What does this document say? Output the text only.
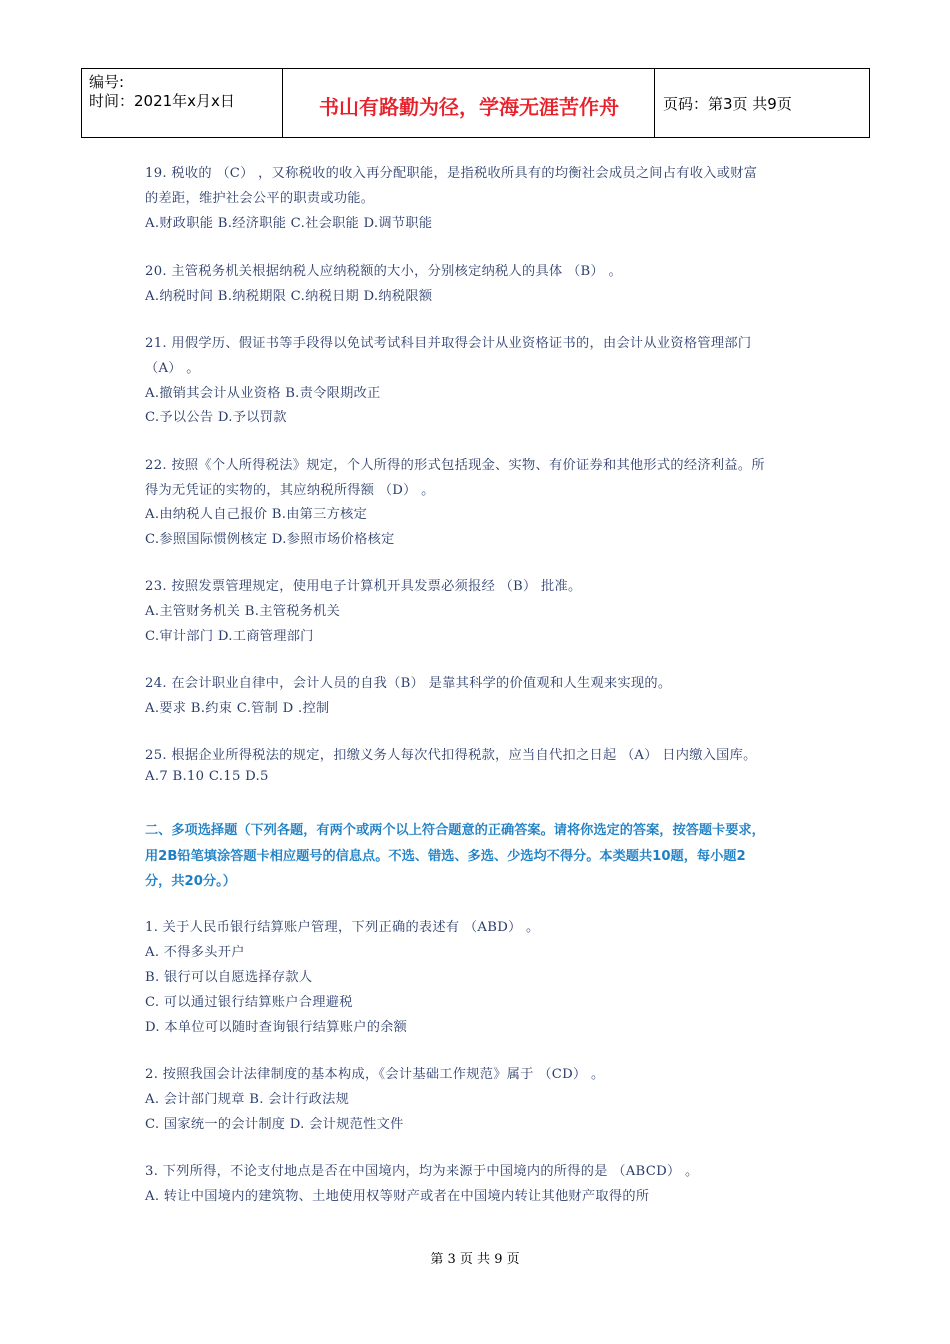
编号:
时间：2021年x月x日	书山有路勤为径，学海无涯苦作舟	页码：第3页 共9页
19. 税收的 （C） ，又称税收的收入再分配职能，是指税收所具有的均衡社会成员之间占有收入或财富
的差距，维护社会公平的职责或功能。
A.财政职能 B.经济职能 C.社会职能 D.调节职能
20. 主管税务机关根据纳税人应纳税额的大小，分别核定纳税人的具体 （B） 。
A.纳税时间 B.纳税期限 C.纳税日期 D.纳税限额
21. 用假学历、假证书等手段得以免试考试科目并取得会计从业资格证书的，由会计从业资格管理部门
（A） 。
A.撤销其会计从业资格 B.责令限期改正
C.予以公告 D.予以罚款
22. 按照《个人所得税法》规定，个人所得的形式包括现金、实物、有价证券和其他形式的经济利益。所
得为无凭证的实物的，其应纳税所得额 （D） 。
A.由纳税人自己报价 B.由第三方核定
C.参照国际惯例核定 D.参照市场价格核定
23. 按照发票管理规定，使用电子计算机开具发票必须报经 （B） 批准。
A.主管财务机关 B.主管税务机关
C.审计部门 D.工商管理部门
24. 在会计职业自律中，会计人员的自我（B） 是靠其科学的价值观和人生观来实现的。
A.要求 B.约束 C.管制 D .控制
25. 根据企业所得税法的规定，扣缴义务人每次代扣得税款，应当自代扣之日起 （A） 日内缴入国库。
A.7 B.10 C.15 D.5
二、多项选择题（下列各题，有两个或两个以上符合题意的正确答案。请将你选定的答案，按答题卡要求，
用2B铅笔填涂答题卡相应题号的信息点。不选、错选、多选、少选均不得分。本类题共10题，每小题2
分，共20分。）
1. 关于人民币银行结算账户管理，下列正确的表述有 （ABD） 。
A. 不得多头开户
B. 银行可以自愿选择存款人
C. 可以通过银行结算账户合理避税
D. 本单位可以随时查询银行结算账户的余额
2. 按照我国会计法律制度的基本构成，《会计基础工作规范》属于 （CD） 。
A. 会计部门规章 B. 会计行政法规
C. 国家统一的会计制度 D. 会计规范性文件
3. 下列所得，不论支付地点是否在中国境内，均为来源于中国境内的所得的是 （ABCD） 。
A. 转让中国境内的建筑物、土地使用权等财产或者在中国境内转让其他财产取得的所
第 3 页 共 9 页
